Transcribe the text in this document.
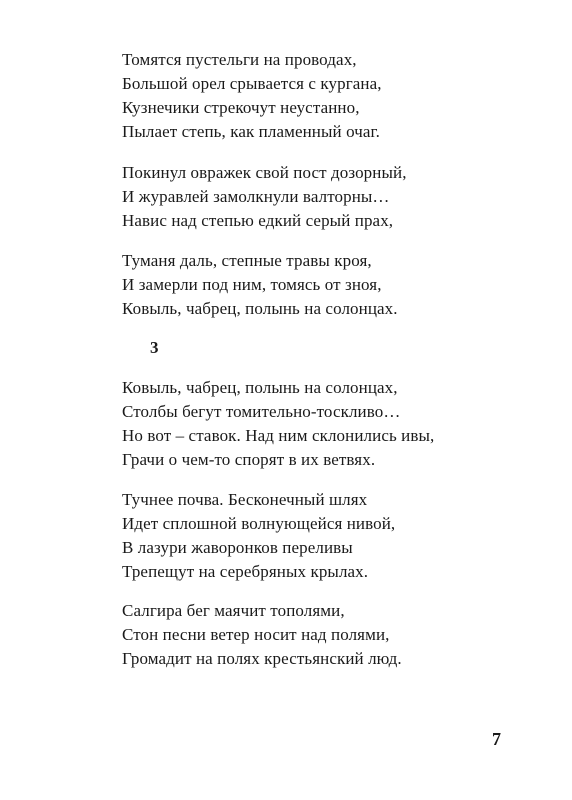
Томятся пустельги на проводах,
Большой орел срывается с кургана,
Кузнечики стрекочут неустанно,
Пылает степь, как пламенный очаг.
Покинул овражек свой пост дозорный,
И журавлей замолкнули валторны…
Навис над степью едкий серый прах,
Туманя даль, степные травы кроя,
И замерли под ним, томясь от зноя,
Ковыль, чабрец, полынь на солонцах.
3
Ковыль, чабрец, полынь на солонцах,
Столбы бегут томительно-тоскливо…
Но вот – ставок. Над ним склонились ивы,
Грачи о чем-то спорят в их ветвях.
Тучнее почва. Бесконечный шлях
Идет сплошной волнующейся нивой,
В лазури жаворонков переливы
Трепещут на серебряных крылах.
Салгира бег маячит тополями,
Стон песни ветер носит над полями,
Громадит на полях крестьянский люд.
7
